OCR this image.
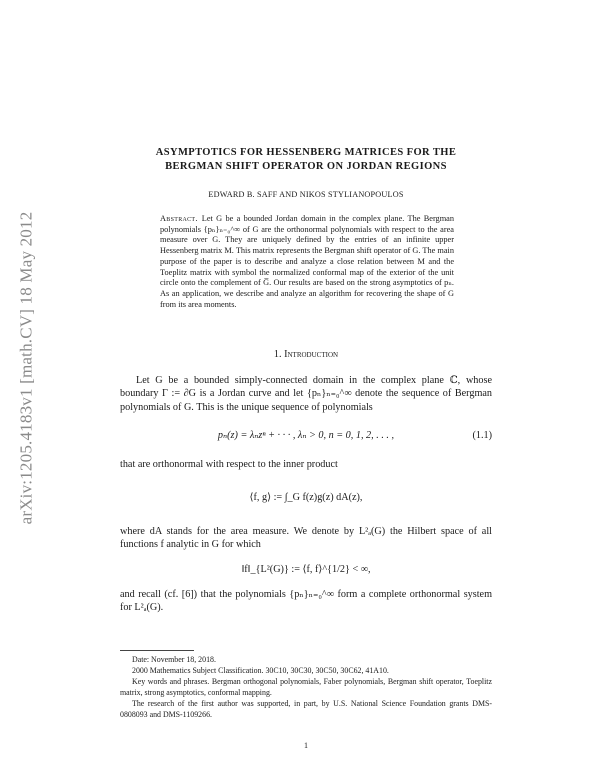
arXiv:1205.4183v1 [math.CV] 18 May 2012
ASYMPTOTICS FOR HESSENBERG MATRICES FOR THE
BERGMAN SHIFT OPERATOR ON JORDAN REGIONS
EDWARD B. SAFF AND NIKOS STYLIANOPOULOS
Abstract. Let G be a bounded Jordan domain in the complex plane. The Bergman polynomials {pₙ}ₙ₌₀^∞ of G are the orthonormal polynomials with respect to the area measure over G. They are uniquely defined by the entries of an infinite upper Hessenberg matrix M. This matrix represents the Bergman shift operator of G. The main purpose of the paper is to describe and analyze a close relation between M and the Toeplitz matrix with symbol the normalized conformal map of the exterior of the unit circle onto the complement of G̅. Our results are based on the strong asymptotics of pₙ. As an application, we describe and analyze an algorithm for recovering the shape of G from its area moments.
1. Introduction
Let G be a bounded simply-connected domain in the complex plane ℂ, whose boundary Γ := ∂G is a Jordan curve and let {pₙ}ₙ₌₀^∞ denote the sequence of Bergman polynomials of G. This is the unique sequence of polynomials
pₙ(z) = λₙzⁿ + · · · , λₙ > 0, n = 0, 1, 2, . . . ,	(1.1)
that are orthonormal with respect to the inner product
⟨f, g⟩ := ∫_G f(z)g(z) dA(z),
where dA stands for the area measure. We denote by L²ₐ(G) the Hilbert space of all functions f analytic in G for which
‖f‖_{L²(G)} := ⟨f, f⟩^{1/2} < ∞,
and recall (cf. [6]) that the polynomials {pₙ}ₙ₌₀^∞ form a complete orthonormal system for L²ₐ(G).
Date: November 18, 2018.
2000 Mathematics Subject Classification. 30C10, 30C30, 30C50, 30C62, 41A10.
Key words and phrases. Bergman orthogonal polynomials, Faber polynomials, Bergman shift operator, Toeplitz matrix, strong asymptotics, conformal mapping.
The research of the first author was supported, in part, by U.S. National Science Foundation grants DMS-0808093 and DMS-1109266.
1
